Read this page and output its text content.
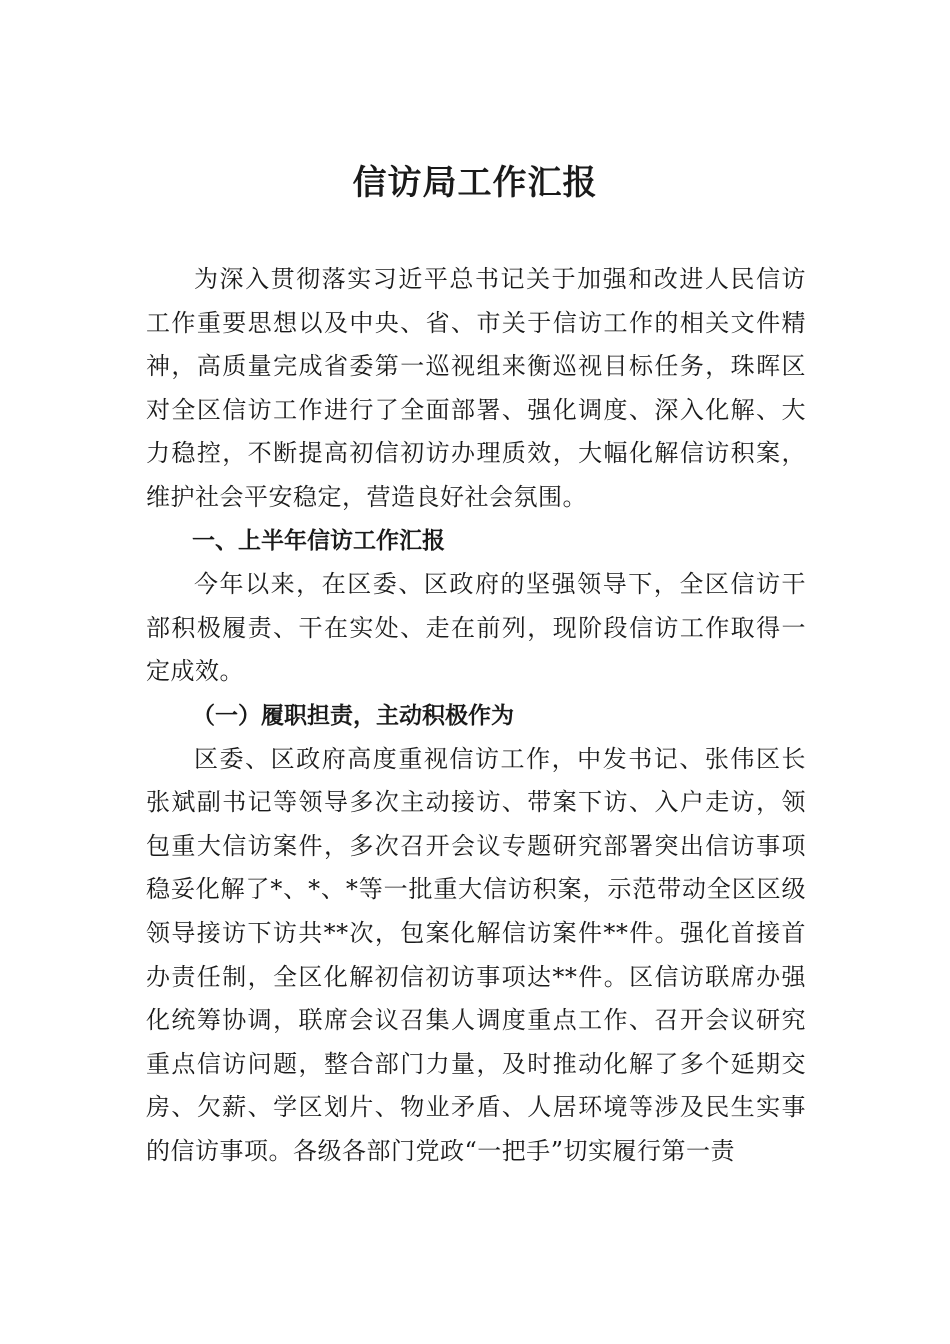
信访局工作汇报

为深入贯彻落实习近平总书记关于加强和改进人民信访工作重要思想以及中央、省、市关于信访工作的相关文件精神，高质量完成省委第一巡视组来衡巡视目标任务，珠晖区对全区信访工作进行了全面部署、强化调度、深入化解、大力稳控，不断提高初信初访办理质效，大幅化解信访积案，维护社会平安稳定，营造良好社会氛围。

一、上半年信访工作汇报

今年以来，在区委、区政府的坚强领导下，全区信访干部积极履责、干在实处、走在前列，现阶段信访工作取得一定成效。

（一）履职担责，主动积极作为

区委、区政府高度重视信访工作，中发书记、张伟区长张斌副书记等领导多次主动接访、带案下访、入户走访，领包重大信访案件，多次召开会议专题研究部署突出信访事项稳妥化解了*、*、*等一批重大信访积案，示范带动全区区级领导接访下访共**次，包案化解信访案件**件。强化首接首办责任制，全区化解初信初访事项达**件。区信访联席办强化统筹协调，联席会议召集人调度重点工作、召开会议研究重点信访问题，整合部门力量，及时推动化解了多个延期交房、欠薪、学区划片、物业矛盾、人居环境等涉及民生实事的信访事项。各级各部门党政“一把手”切实履行第一责
